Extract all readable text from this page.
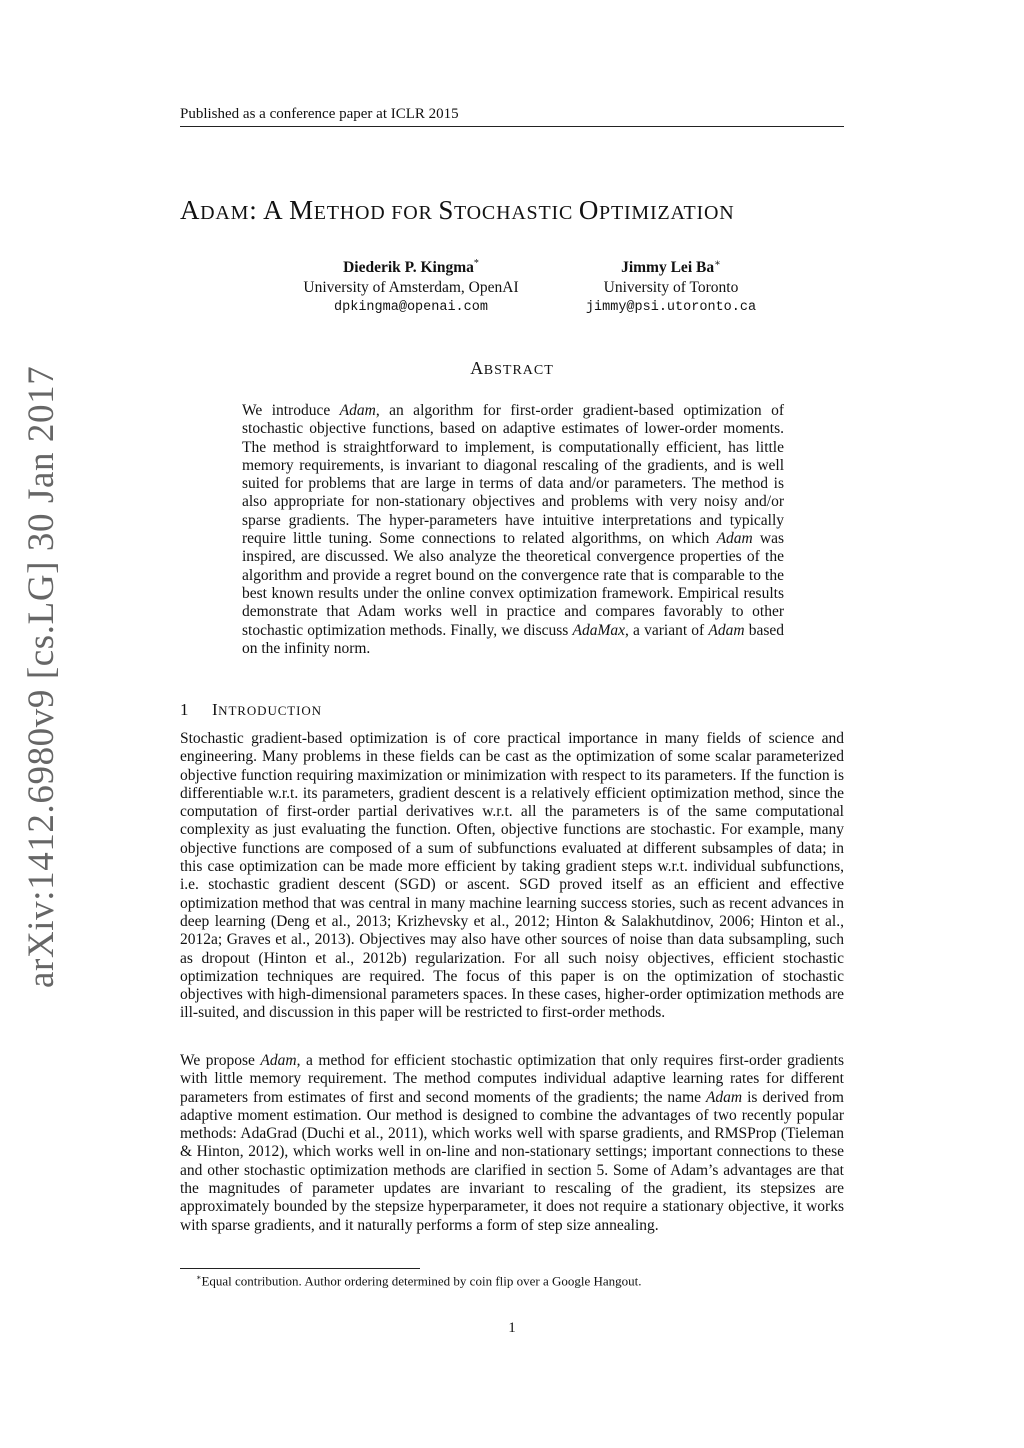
Published as a conference paper at ICLR 2015
ADAM: A METHOD FOR STOCHASTIC OPTIMIZATION
Diederik P. Kingma*
University of Amsterdam, OpenAI
dpkingma@openai.com
Jimmy Lei Ba∗
University of Toronto
jimmy@psi.utoronto.ca
ABSTRACT

We introduce Adam, an algorithm for first-order gradient-based optimization of stochastic objective functions, based on adaptive estimates of lower-order moments. The method is straightforward to implement, is computationally efficient, has little memory requirements, is invariant to diagonal rescaling of the gradients, and is well suited for problems that are large in terms of data and/or parameters. The method is also appropriate for non-stationary objectives and problems with very noisy and/or sparse gradients. The hyper-parameters have intuitive interpretations and typically require little tuning. Some connections to related algorithms, on which Adam was inspired, are discussed. We also analyze the theoretical convergence properties of the algorithm and provide a regret bound on the convergence rate that is comparable to the best known results under the online convex optimization framework. Empirical results demonstrate that Adam works well in practice and compares favorably to other stochastic optimization methods. Finally, we discuss AdaMax, a variant of Adam based on the infinity norm.

1 INTRODUCTION

Stochastic gradient-based optimization is of core practical importance in many fields of science and engineering. Many problems in these fields can be cast as the optimization of some scalar parameterized objective function requiring maximization or minimization with respect to its parameters. If the function is differentiable w.r.t. its parameters, gradient descent is a relatively efficient optimization method, since the computation of first-order partial derivatives w.r.t. all the parameters is of the same computational complexity as just evaluating the function. Often, objective functions are stochastic. For example, many objective functions are composed of a sum of subfunctions evaluated at different subsamples of data; in this case optimization can be made more efficient by taking gradient steps w.r.t. individual subfunctions, i.e. stochastic gradient descent (SGD) or ascent. SGD proved itself as an efficient and effective optimization method that was central in many machine learning success stories, such as recent advances in deep learning (Deng et al., 2013; Krizhevsky et al., 2012; Hinton & Salakhutdinov, 2006; Hinton et al., 2012a; Graves et al., 2013). Objectives may also have other sources of noise than data subsampling, such as dropout (Hinton et al., 2012b) regularization. For all such noisy objectives, efficient stochastic optimization techniques are required. The focus of this paper is on the optimization of stochastic objectives with high-dimensional parameters spaces. In these cases, higher-order optimization methods are ill-suited, and discussion in this paper will be restricted to first-order methods.

We propose Adam, a method for efficient stochastic optimization that only requires first-order gradients with little memory requirement. The method computes individual adaptive learning rates for different parameters from estimates of first and second moments of the gradients; the name Adam is derived from adaptive moment estimation. Our method is designed to combine the advantages of two recently popular methods: AdaGrad (Duchi et al., 2011), which works well with sparse gradients, and RMSProp (Tieleman & Hinton, 2012), which works well in on-line and non-stationary settings; important connections to these and other stochastic optimization methods are clarified in section 5. Some of Adam’s advantages are that the magnitudes of parameter updates are invariant to rescaling of the gradient, its stepsizes are approximately bounded by the stepsize hyperparameter, it does not require a stationary objective, it works with sparse gradients, and it naturally performs a form of step size annealing.

∗Equal contribution. Author ordering determined by coin flip over a Google Hangout.
1
arXiv:1412.6980v9 [cs.LG] 30 Jan 2017
